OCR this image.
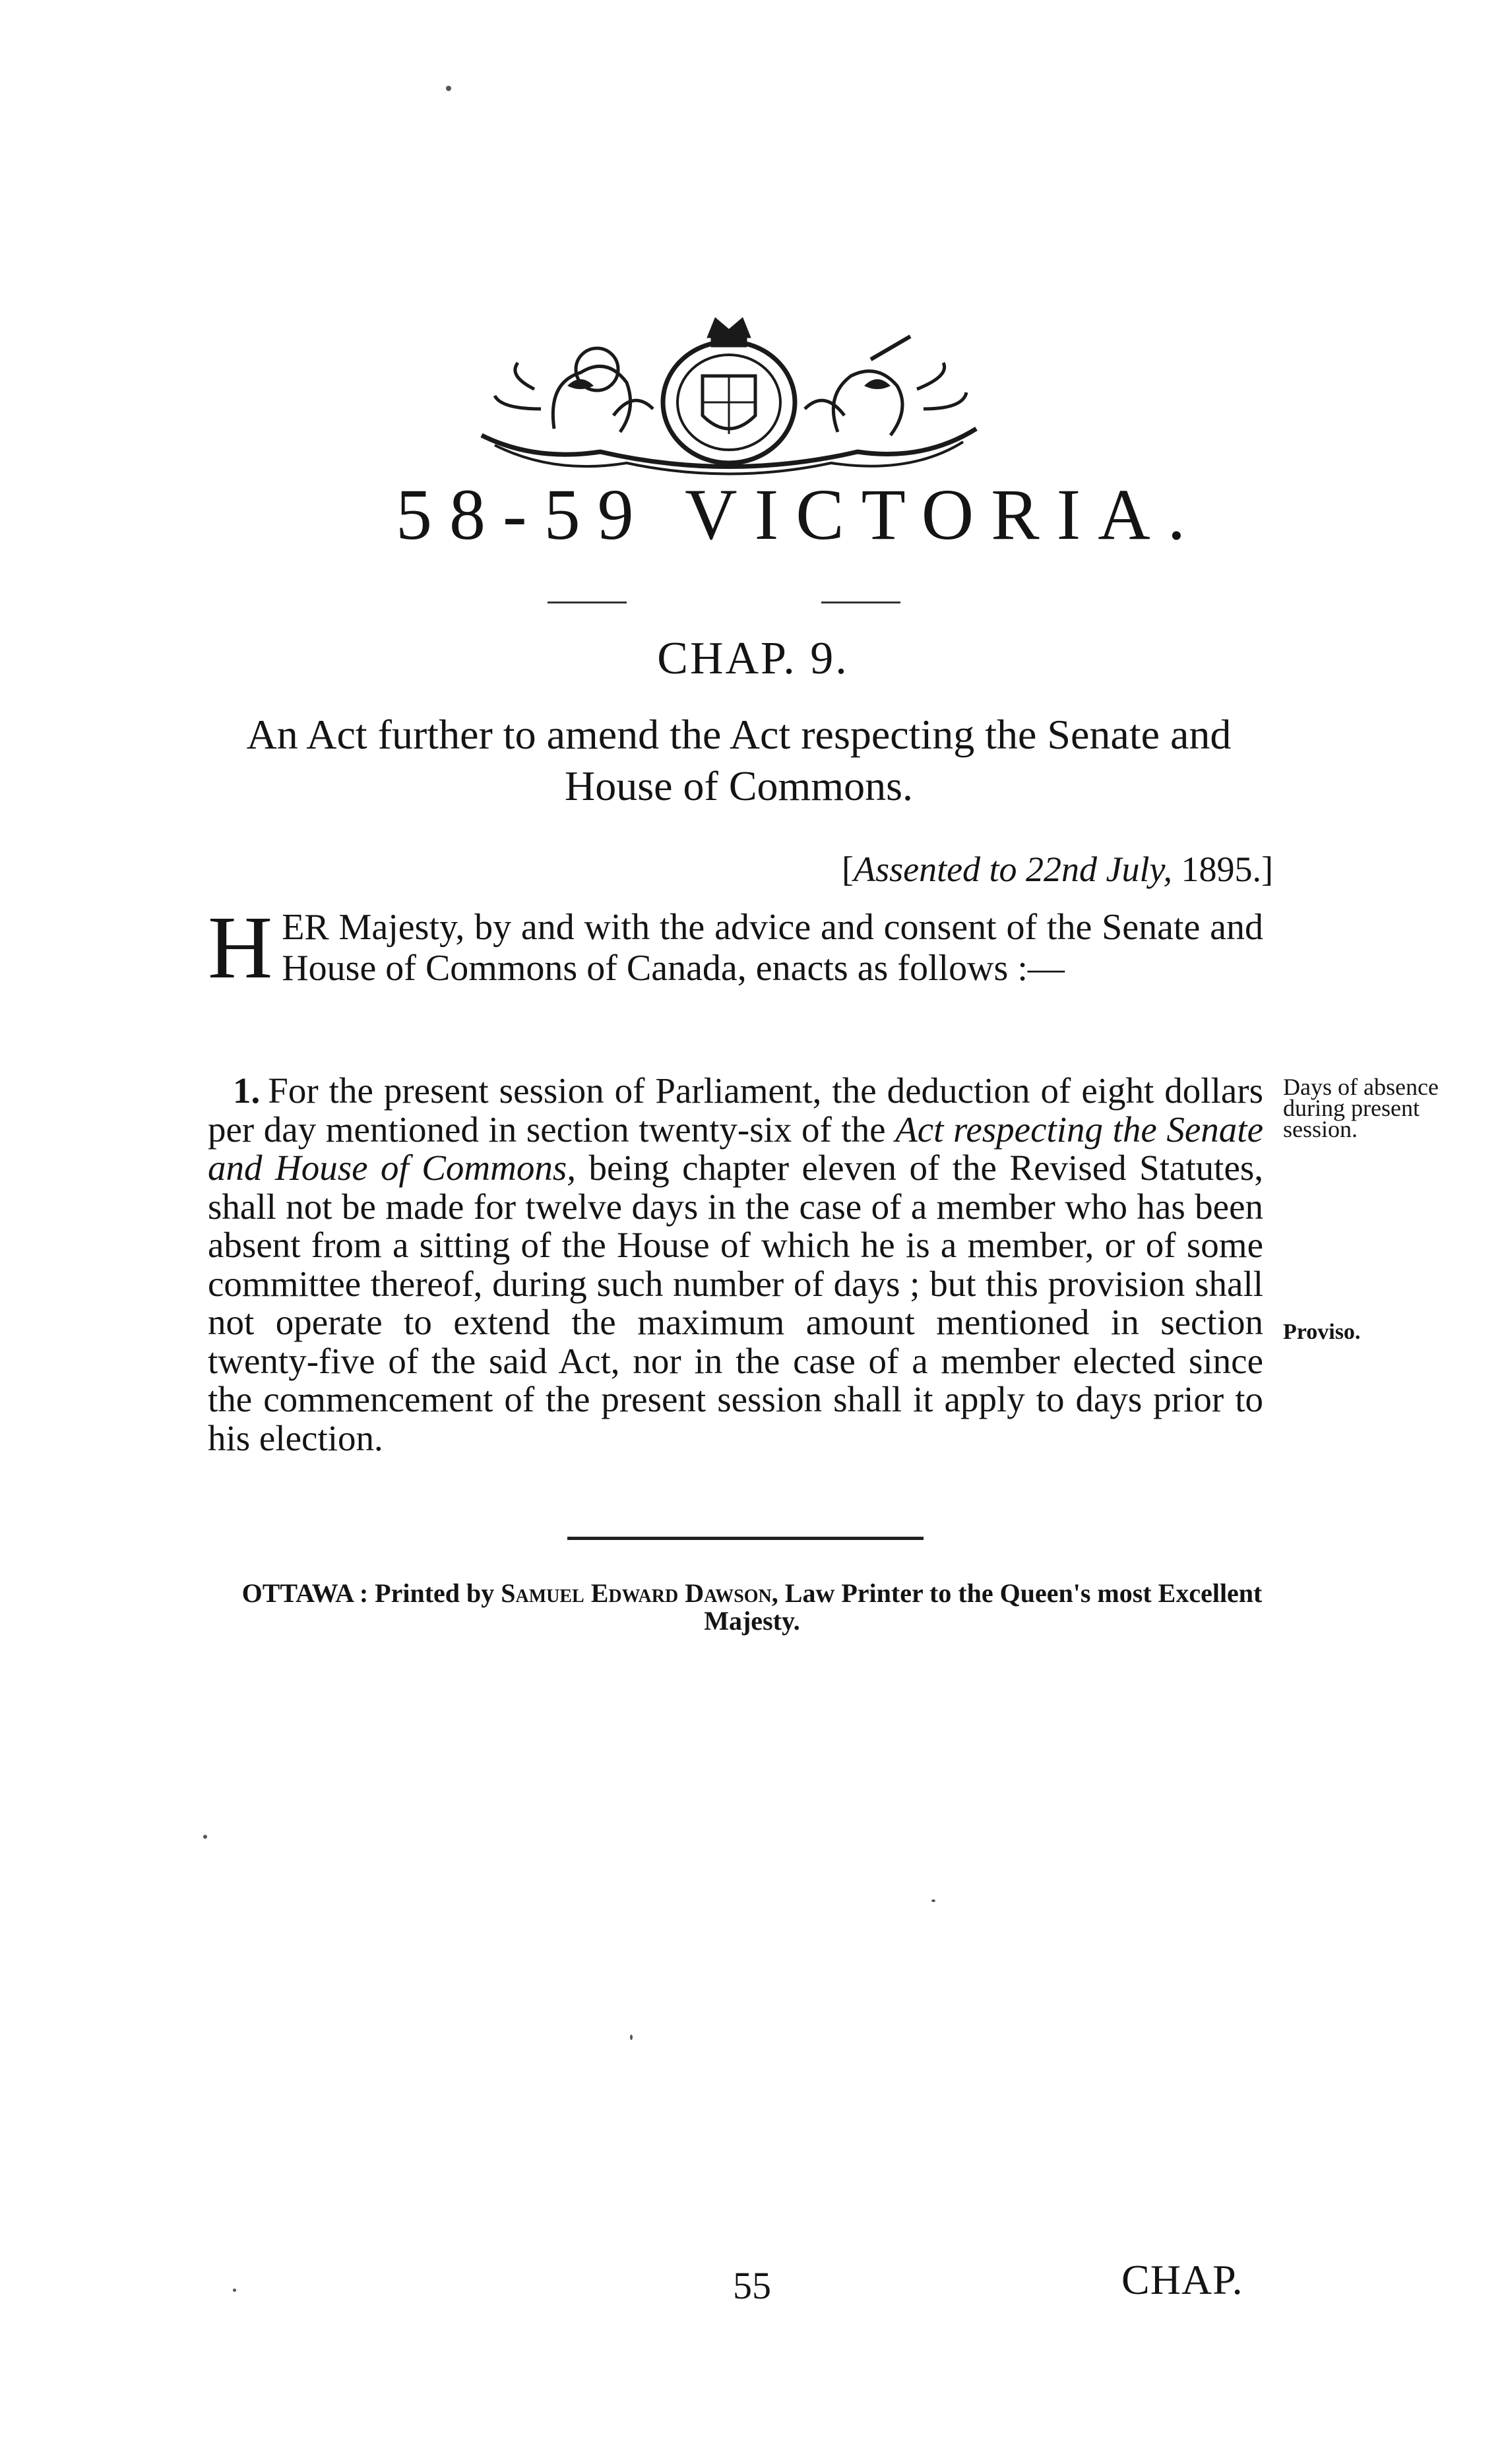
58-59 VICTORIA.
CHAP. 9.
An Act further to amend the Act respecting the Senate and House of Commons.
[Assented to 22nd July, 1895.]
HER Majesty, by and with the advice and consent of the Senate and House of Commons of Canada, enacts as follows :—
1. For the present session of Parliament, the deduction of eight dollars per day mentioned in section twenty-six of the Act respecting the Senate and House of Commons, being chapter eleven of the Revised Statutes, shall not be made for twelve days in the case of a member who has been absent from a sitting of the House of which he is a member, or of some committee thereof, during such number of days ; but this provision shall not operate to extend the maximum amount mentioned in section twenty-five of the said Act, nor in the case of a member elected since the commencement of the present session shall it apply to days prior to his election.
Days of absence during present session.
Proviso.
OTTAWA : Printed by Samuel Edward Dawson, Law Printer to the Queen's most Excellent Majesty.
55	CHAP.
